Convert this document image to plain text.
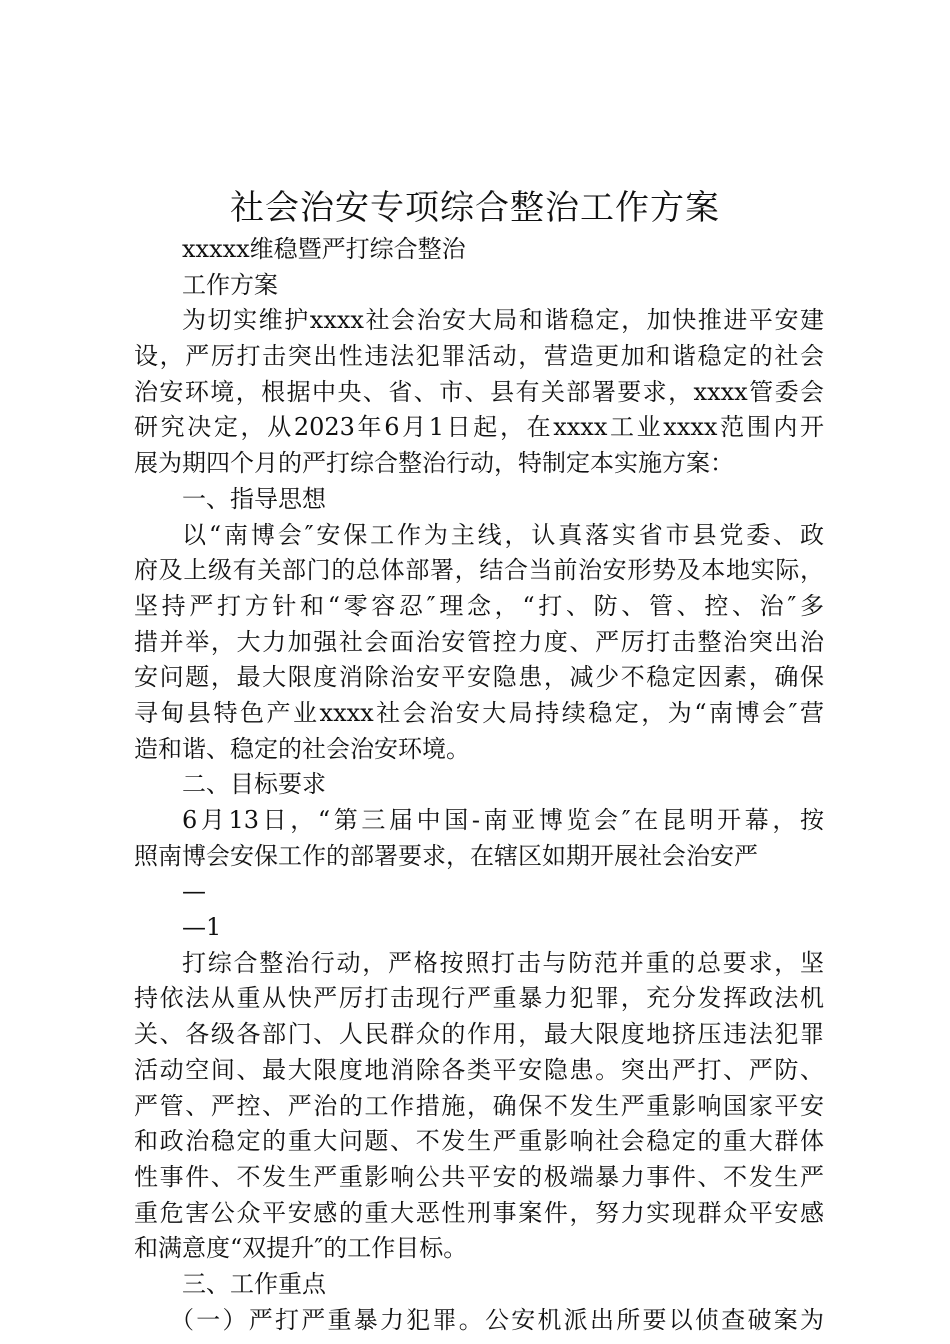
社会治安专项综合整治工作方案

xxxxx维稳暨严打综合整治

工作方案

为切实维护xxxx社会治安大局和谐稳定，加快推进平安建

设，严厉打击突出性违法犯罪活动，营造更加和谐稳定的社会

治安环境，根据中央、省、市、县有关部署要求，xxxx管委会

研究决定，从2023年6月1日起，在xxxx工业xxxx范围内开

展为期四个月的严打综合整治行动，特制定本实施方案：

一、指导思想

以“南博会″安保工作为主线，认真落实省市县党委、政

府及上级有关部门的总体部署，结合当前治安形势及本地实际，

坚持严打方针和“零容忍″理念，“打、防、管、控、治″多

措并举，大力加强社会面治安管控力度、严厉打击整治突出治

安问题，最大限度消除治安平安隐患，减少不稳定因素，确保

寻甸县特色产业xxxx社会治安大局持续稳定，为“南博会″营

造和谐、稳定的社会治安环境。

二、目标要求

6月13日，“第三届中国-南亚博览会″在昆明开幕，按

照南博会安保工作的部署要求，在辖区如期开展社会治安严

—

—1

打综合整治行动，严格按照打击与防范并重的总要求，坚

持依法从重从快严厉打击现行严重暴力犯罪，充分发挥政法机

关、各级各部门、人民群众的作用，最大限度地挤压违法犯罪

活动空间、最大限度地消除各类平安隐患。突出严打、严防、

严管、严控、严治的工作措施，确保不发生严重影响国家平安

和政治稳定的重大问题、不发生严重影响社会稳定的重大群体

性事件、不发生严重影响公共平安的极端暴力事件、不发生严

重危害公众平安感的重大恶性刑事案件，努力实现群众平安感

和满意度“双提升″的工作目标。

三、工作重点

（一）严打严重暴力犯罪。公安机派出所要以侦查破案为
